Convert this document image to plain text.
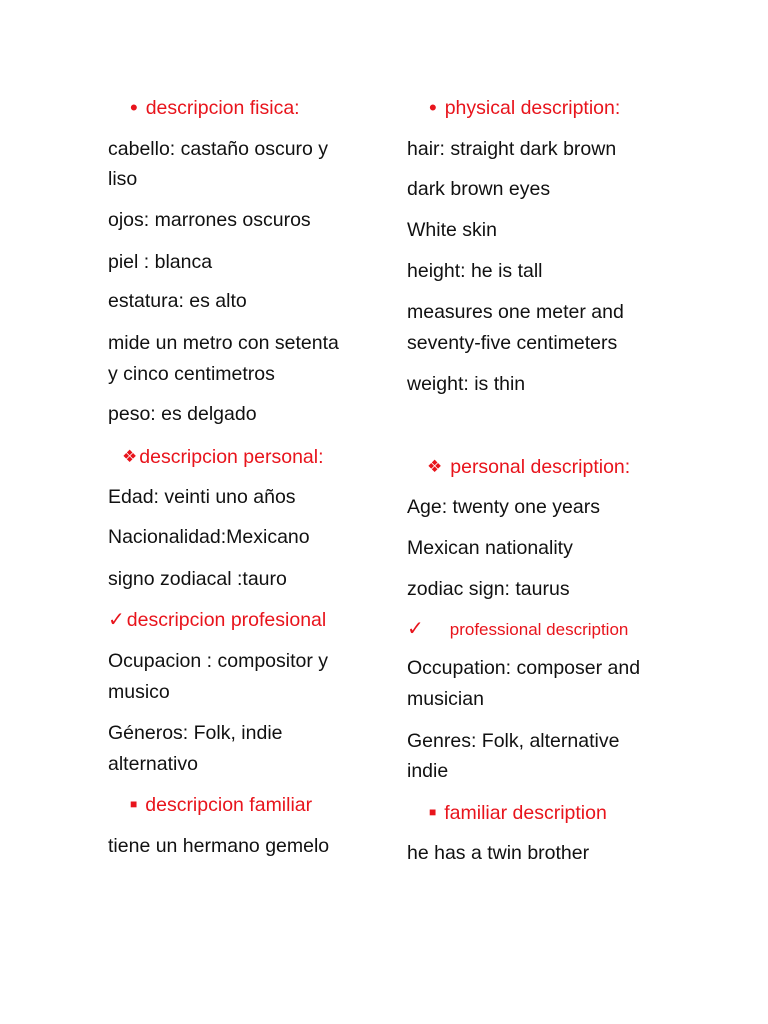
• descripcion fisica:
cabello: castaño oscuro y
liso
ojos: marrones oscuros
piel : blanca
estatura: es alto
mide un metro con setenta
y cinco centimetros
peso: es delgado
❖ descripcion personal:
Edad: veinti uno años
Nacionalidad:Mexicano
signo zodiacal :tauro
✓ descripcion profesional
Ocupacion : compositor y
musico
Géneros: Folk, indie
alternativo
■ descripcion familiar
tiene un hermano gemelo
• physical description:
hair: straight dark brown
dark brown eyes
White skin
height: he is tall
measures one meter and
seventy-five centimeters
weight: is thin
❖ personal description:
Age: twenty one years
Mexican nationality
zodiac sign: taurus
✓ professional description
Occupation: composer and
musician
Genres: Folk, alternative
indie
■ familiar description
he has a twin brother
